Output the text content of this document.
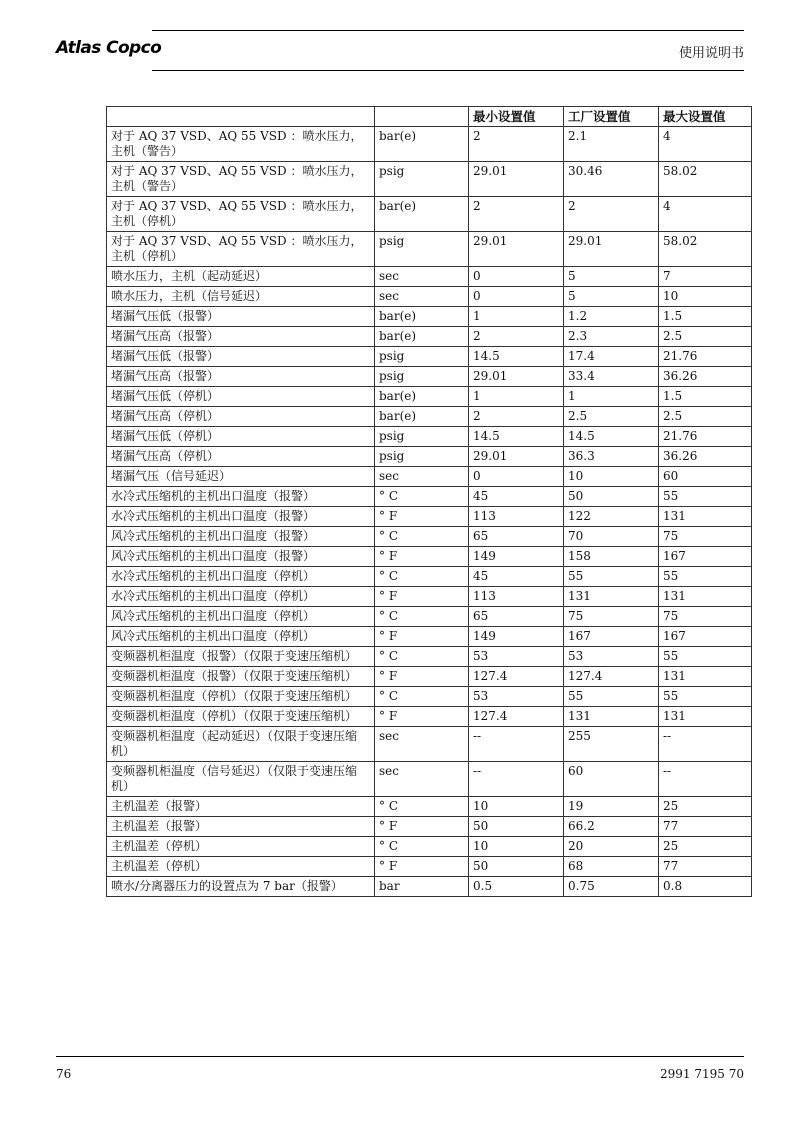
Atlas Copco	使用说明书
		最小设置值	工厂设置值	最大设置值
对于 AQ 37 VSD、AQ 55 VSD ：喷水压力，主机（警告）	bar(e)	2	2.1	4
对于 AQ 37 VSD、AQ 55 VSD ：喷水压力，主机（警告）	psig	29.01	30.46	58.02
对于 AQ 37 VSD、AQ 55 VSD ：喷水压力，主机（停机）	bar(e)	2	2	4
对于 AQ 37 VSD、AQ 55 VSD ：喷水压力，主机（停机）	psig	29.01	29.01	58.02
喷水压力，主机（起动延迟）	sec	0	5	7
喷水压力，主机（信号延迟）	sec	0	5	10
堵漏气压低（报警）	bar(e)	1	1.2	1.5
堵漏气压高（报警）	bar(e)	2	2.3	2.5
堵漏气压低（报警）	psig	14.5	17.4	21.76
堵漏气压高（报警）	psig	29.01	33.4	36.26
堵漏气压低（停机）	bar(e)	1	1	1.5
堵漏气压高（停机）	bar(e)	2	2.5	2.5
堵漏气压低（停机）	psig	14.5	14.5	21.76
堵漏气压高（停机）	psig	29.01	36.3	36.26
堵漏气压（信号延迟）	sec	0	10	60
水冷式压缩机的主机出口温度（报警）	° C	45	50	55
水冷式压缩机的主机出口温度（报警）	° F	113	122	131
风冷式压缩机的主机出口温度（报警）	° C	65	70	75
风冷式压缩机的主机出口温度（报警）	° F	149	158	167
水冷式压缩机的主机出口温度（停机）	° C	45	55	55
水冷式压缩机的主机出口温度（停机）	° F	113	131	131
风冷式压缩机的主机出口温度（停机）	° C	65	75	75
风冷式压缩机的主机出口温度（停机）	° F	149	167	167
变频器机柜温度（报警）（仅限于变速压缩机）	° C	53	53	55
变频器机柜温度（报警）（仅限于变速压缩机）	° F	127.4	127.4	131
变频器机柜温度（停机）（仅限于变速压缩机）	° C	53	55	55
变频器机柜温度（停机）（仅限于变速压缩机）	° F	127.4	131	131
变频器机柜温度（起动延迟）（仅限于变速压缩机）	sec	--	255	--
变频器机柜温度（信号延迟）（仅限于变速压缩机）	sec	--	60	--
主机温差（报警）	° C	10	19	25
主机温差（报警）	° F	50	66.2	77
主机温差（停机）	° C	10	20	25
主机温差（停机）	° F	50	68	77
喷水/分离器压力的设置点为 7 bar（报警）	bar	0.5	0.75	0.8
76	2991 7195 70
